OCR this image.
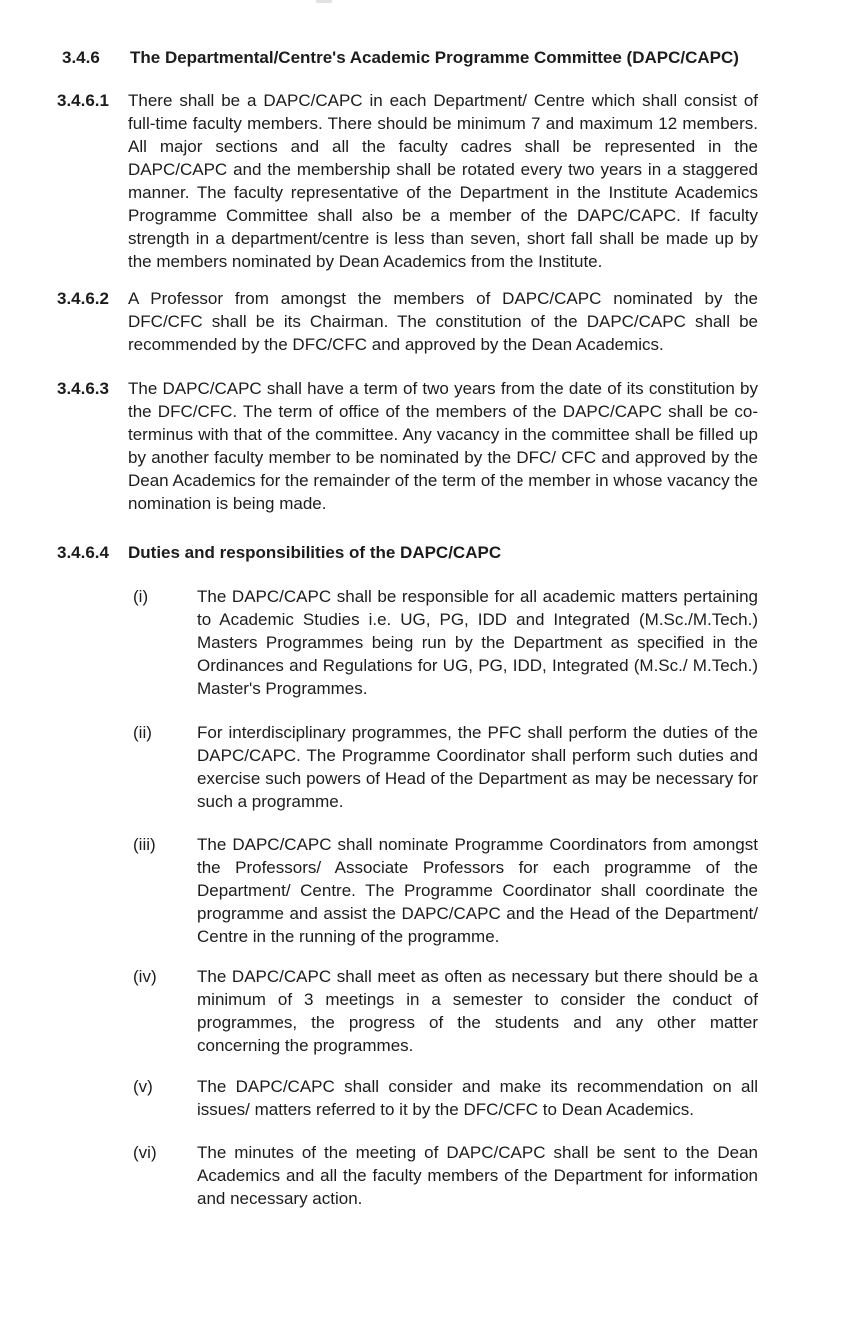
3.4.6	The Departmental/Centre's Academic Programme Committee (DAPC/CAPC)
3.4.6.1	There shall be a DAPC/CAPC in each Department/ Centre which shall consist of full-time faculty members. There should be minimum 7 and maximum 12 members. All major sections and all the faculty cadres shall be represented in the DAPC/CAPC and the membership shall be rotated every two years in a staggered manner. The faculty representative of the Department in the Institute Academics Programme Committee shall also be a member of the DAPC/CAPC. If faculty strength in a department/centre is less than seven, short fall shall be made up by the members nominated by Dean Academics from the Institute.
3.4.6.2	A Professor from amongst the members of DAPC/CAPC nominated by the DFC/CFC shall be its Chairman. The constitution of the DAPC/CAPC shall be recommended by the DFC/CFC and approved by the Dean Academics.
3.4.6.3	The DAPC/CAPC shall have a term of two years from the date of its constitution by the DFC/CFC. The term of office of the members of the DAPC/CAPC shall be co-terminus with that of the committee. Any vacancy in the committee shall be filled up by another faculty member to be nominated by the DFC/ CFC and approved by the Dean Academics for the remainder of the term of the member in whose vacancy the nomination is being made.
3.4.6.4	Duties and responsibilities of the DAPC/CAPC
(i)	The DAPC/CAPC shall be responsible for all academic matters pertaining to Academic Studies i.e. UG, PG, IDD and Integrated (M.Sc./M.Tech.) Masters Programmes being run by the Department as specified in the Ordinances and Regulations for UG, PG, IDD, Integrated (M.Sc./ M.Tech.) Master's Programmes.
(ii)	For interdisciplinary programmes, the PFC shall perform the duties of the DAPC/CAPC. The Programme Coordinator shall perform such duties and exercise such powers of Head of the Department as may be necessary for such a programme.
(iii)	The DAPC/CAPC shall nominate Programme Coordinators from amongst the Professors/ Associate Professors for each programme of the Department/ Centre. The Programme Coordinator shall coordinate the programme and assist the DAPC/CAPC and the Head of the Department/ Centre in the running of the programme.
(iv)	The DAPC/CAPC shall meet as often as necessary but there should be a minimum of 3 meetings in a semester to consider the conduct of programmes, the progress of the students and any other matter concerning the programmes.
(v)	The DAPC/CAPC shall consider and make its recommendation on all issues/ matters referred to it by the DFC/CFC to Dean Academics.
(vi)	The minutes of the meeting of DAPC/CAPC shall be sent to the Dean Academics and all the faculty members of the Department for information and necessary action.
